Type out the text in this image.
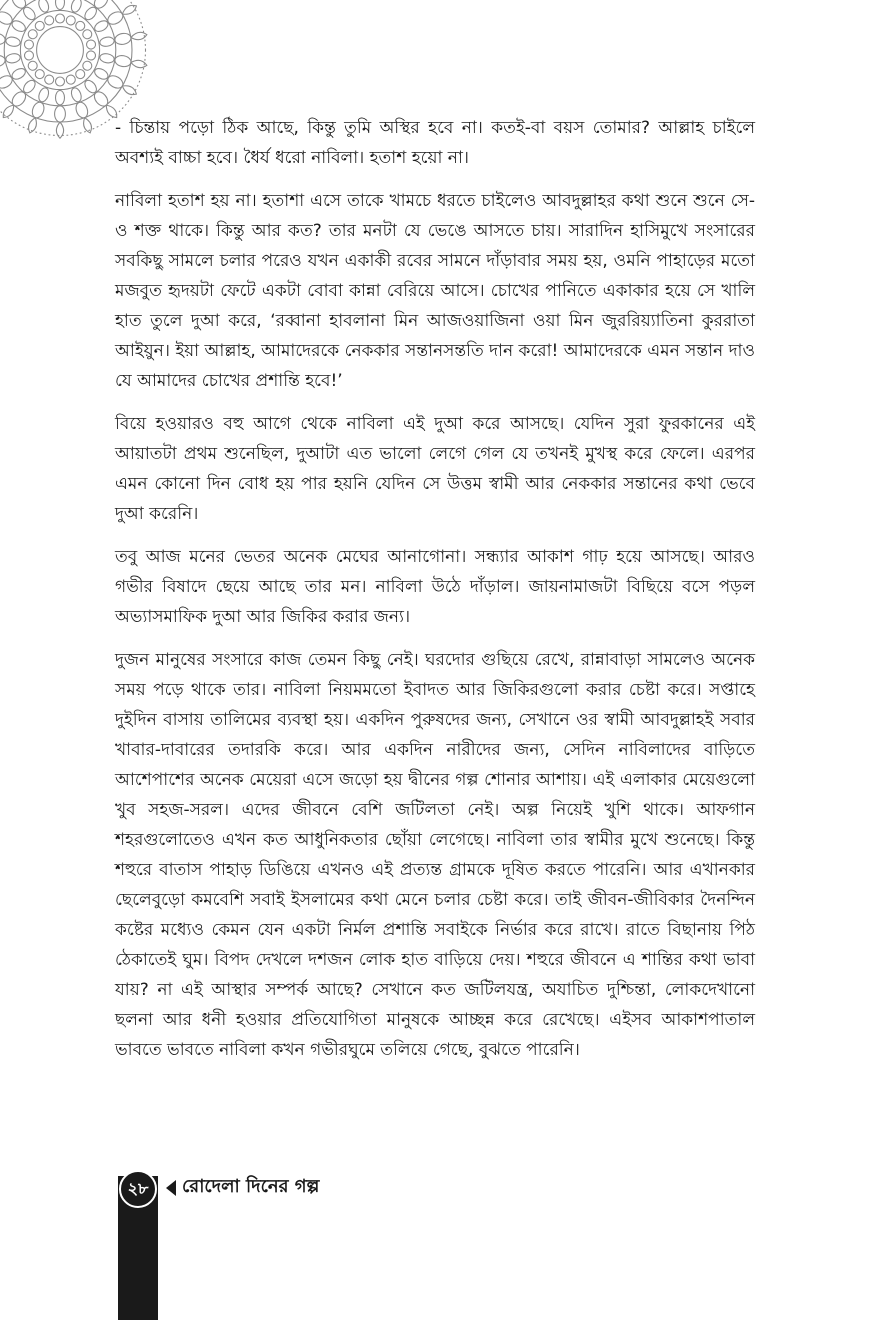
- চিন্তায় পড়ো ঠিক আছে, কিন্তু তুমি অস্থির হবে না। কতই-বা বয়স তোমার? আল্লাহ চাইলে অবশ্যই বাচ্চা হবে। ধৈর্য ধরো নাবিলা। হতাশ হয়ো না।

নাবিলা হতাশ হয় না। হতাশা এসে তাকে খামচে ধরতে চাইলেও আবদুল্লাহর কথা শুনে শুনে সে-ও শক্ত থাকে। কিন্তু আর কত? তার মনটা যে ভেঙে আসতে চায়। সারাদিন হাসিমুখে সংসারের সবকিছু সামলে চলার পরেও যখন একাকী রবের সামনে দাঁড়াবার সময় হয়, ওমনি পাহাড়ের মতো মজবুত হৃদয়টা ফেটে একটা বোবা কান্না বেরিয়ে আসে। চোখের পানিতে একাকার হয়ে সে খালি হাত তুলে দুআ করে, ‘রব্বানা হাবলানা মিন আজওয়াজিনা ওয়া মিন জুররিয়্যাতিনা কুররাতা আইয়ুন। ইয়া আল্লাহ, আমাদেরকে নেককার সন্তানসন্ততি দান করো! আমাদেরকে এমন সন্তান দাও যে আমাদের চোখের প্রশান্তি হবে!’

বিয়ে হওয়ারও বহু আগে থেকে নাবিলা এই দুআ করে আসছে। যেদিন সুরা ফুরকানের এই আয়াতটা প্রথম শুনেছিল, দুআটা এত ভালো লেগে গেল যে তখনই মুখস্থ করে ফেলে। এরপর এমন কোনো দিন বোধ হয় পার হয়নি যেদিন সে উত্তম স্বামী আর নেককার সন্তানের কথা ভেবে দুআ করেনি।

তবু আজ মনের ভেতর অনেক মেঘের আনাগোনা। সন্ধ্যার আকাশ গাঢ় হয়ে আসছে। আরও গভীর বিষাদে ছেয়ে আছে তার মন। নাবিলা উঠে দাঁড়াল। জায়নামাজটা বিছিয়ে বসে পড়ল অভ্যাসমাফিক দুআ আর জিকির করার জন্য।

দুজন মানুষের সংসারে কাজ তেমন কিছু নেই। ঘরদোর গুছিয়ে রেখে, রান্নাবাড়া সামলেও অনেক সময় পড়ে থাকে তার। নাবিলা নিয়মমতো ইবাদত আর জিকিরগুলো করার চেষ্টা করে। সপ্তাহে দুইদিন বাসায় তালিমের ব্যবস্থা হয়। একদিন পুরুষদের জন্য, সেখানে ওর স্বামী আবদুল্লাহই সবার খাবার-দাবারের তদারকি করে। আর একদিন নারীদের জন্য, সেদিন নাবিলাদের বাড়িতে আশেপাশের অনেক মেয়েরা এসে জড়ো হয় দ্বীনের গল্প শোনার আশায়। এই এলাকার মেয়েগুলো খুব সহজ-সরল। এদের জীবনে বেশি জটিলতা নেই। অল্প নিয়েই খুশি থাকে। আফগান শহরগুলোতেও এখন কত আধুনিকতার ছোঁয়া লেগেছে। নাবিলা তার স্বামীর মুখে শুনেছে। কিন্তু শহুরে বাতাস পাহাড় ডিঙিয়ে এখনও এই প্রত্যন্ত গ্রামকে দূষিত করতে পারেনি। আর এখানকার ছেলেবুড়ো কমবেশি সবাই ইসলামের কথা মেনে চলার চেষ্টা করে। তাই জীবন-জীবিকার দৈনন্দিন কষ্টের মধ্যেও কেমন যেন একটা নির্মল প্রশান্তি সবাইকে নির্ভার করে রাখে। রাতে বিছানায় পিঠ ঠেকাতেই ঘুম। বিপদ দেখলে দশজন লোক হাত বাড়িয়ে দেয়। শহুরে জীবনে এ শান্তির কথা ভাবা যায়? না এই আস্থার সম্পর্ক আছে? সেখানে কত জটিলযন্ত্র, অযাচিত দুশ্চিন্তা, লোকদেখানো ছলনা আর ধনী হওয়ার প্রতিযোগিতা মানুষকে আচ্ছন্ন করে রেখেছে। এইসব আকাশপাতাল ভাবতে ভাবতে নাবিলা কখন গভীরঘুমে তলিয়ে গেছে, বুঝতে পারেনি।

২৮	রোদেলা দিনের গল্প
